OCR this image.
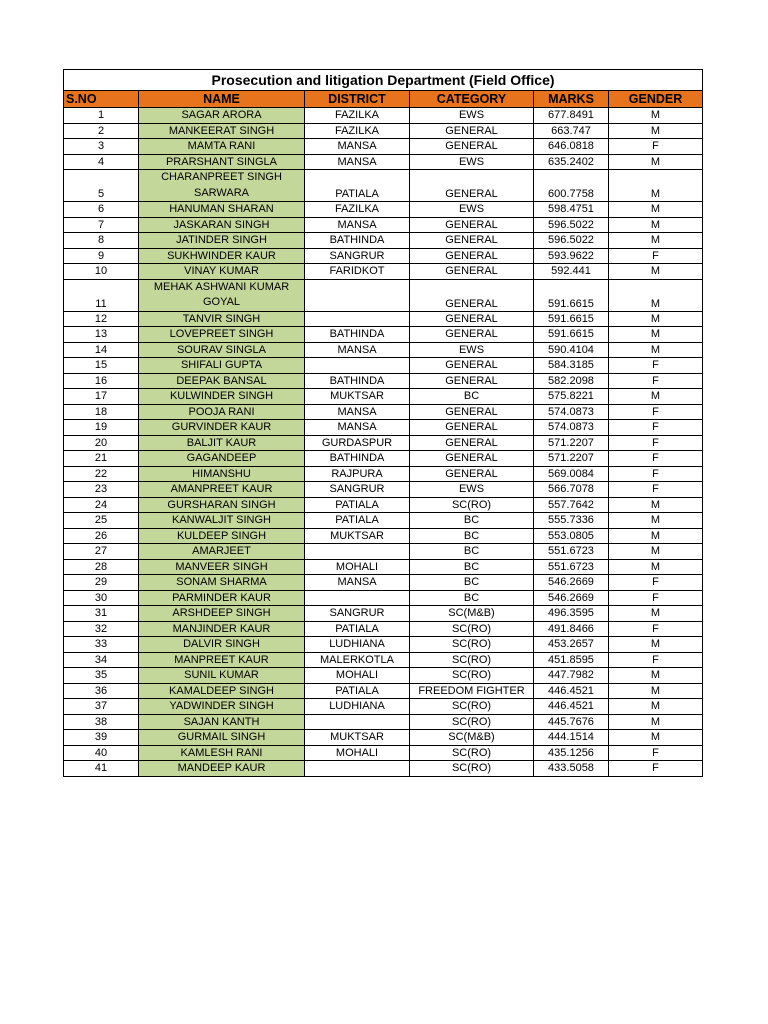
Prosecution and litigation Department (Field Office)					
S.NO	NAME	DISTRICT	CATEGORY	MARKS	GENDER
1	SAGAR ARORA	FAZILKA	EWS	677.8491	M
2	MANKEERAT SINGH	FAZILKA	GENERAL	663.747	M
3	MAMTA RANI	MANSA	GENERAL	646.0818	F
4	PRARSHANT SINGLA	MANSA	EWS	635.2402	M
5	CHARANPREET SINGH SARWARA	PATIALA	GENERAL	600.7758	M
6	HANUMAN SHARAN	FAZILKA	EWS	598.4751	M
7	JASKARAN SINGH	MANSA	GENERAL	596.5022	M
8	JATINDER SINGH	BATHINDA	GENERAL	596.5022	M
9	SUKHWINDER KAUR	SANGRUR	GENERAL	593.9622	F
10	VINAY KUMAR	FARIDKOT	GENERAL	592.441	M
11	MEHAK ASHWANI KUMAR GOYAL		GENERAL	591.6615	M
12	TANVIR SINGH		GENERAL	591.6615	M
13	LOVEPREET SINGH	BATHINDA	GENERAL	591.6615	M
14	SOURAV SINGLA	MANSA	EWS	590.4104	M
15	SHIFALI GUPTA		GENERAL	584.3185	F
16	DEEPAK BANSAL	BATHINDA	GENERAL	582.2098	F
17	KULWINDER SINGH	MUKTSAR	BC	575.8221	M
18	POOJA RANI	MANSA	GENERAL	574.0873	F
19	GURVINDER KAUR	MANSA	GENERAL	574.0873	F
20	BALJIT KAUR	GURDASPUR	GENERAL	571.2207	F
21	GAGANDEEP	BATHINDA	GENERAL	571.2207	F
22	HIMANSHU	RAJPURA	GENERAL	569.0084	F
23	AMANPREET KAUR	SANGRUR	EWS	566.7078	F
24	GURSHARAN SINGH	PATIALA	SC(RO)	557.7642	M
25	KANWALJIT SINGH	PATIALA	BC	555.7336	M
26	KULDEEP SINGH	MUKTSAR	BC	553.0805	M
27	AMARJEET		BC	551.6723	M
28	MANVEER SINGH	MOHALI	BC	551.6723	M
29	SONAM SHARMA	MANSA	BC	546.2669	F
30	PARMINDER KAUR		BC	546.2669	F
31	ARSHDEEP SINGH	SANGRUR	SC(M&B)	496.3595	M
32	MANJINDER KAUR	PATIALA	SC(RO)	491.8466	F
33	DALVIR SINGH	LUDHIANA	SC(RO)	453.2657	M
34	MANPREET KAUR	MALERKOTLA	SC(RO)	451.8595	F
35	SUNIL KUMAR	MOHALI	SC(RO)	447.7982	M
36	KAMALDEEP SINGH	PATIALA	FREEDOM FIGHTER	446.4521	M
37	YADWINDER SINGH	LUDHIANA	SC(RO)	446.4521	M
38	SAJAN KANTH		SC(RO)	445.7676	M
39	GURMAIL SINGH	MUKTSAR	SC(M&B)	444.1514	M
40	KAMLESH RANI	MOHALI	SC(RO)	435.1256	F
41	MANDEEP KAUR		SC(RO)	433.5058	F
